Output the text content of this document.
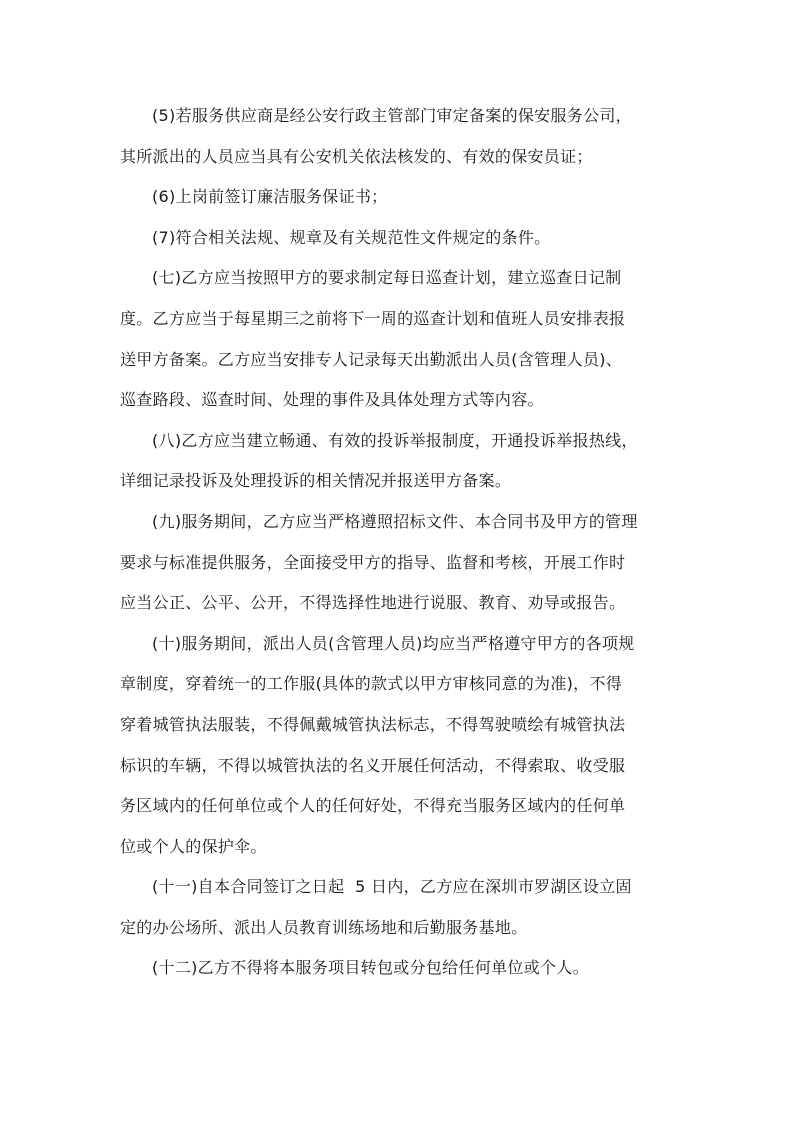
(5)若服务供应商是经公安行政主管部门审定备案的保安服务公司，
其所派出的人员应当具有公安机关依法核发的、有效的保安员证；

(6)上岗前签订廉洁服务保证书；

(7)符合相关法规、规章及有关规范性文件规定的条件。

(七)乙方应当按照甲方的要求制定每日巡查计划，建立巡查日记制
度。乙方应当于每星期三之前将下一周的巡查计划和值班人员安排表报
送甲方备案。乙方应当安排专人记录每天出勤派出人员(含管理人员)、
巡查路段、巡查时间、处理的事件及具体处理方式等内容。

(八)乙方应当建立畅通、有效的投诉举报制度，开通投诉举报热线，
详细记录投诉及处理投诉的相关情况并报送甲方备案。

(九)服务期间，乙方应当严格遵照招标文件、本合同书及甲方的管理
要求与标准提供服务，全面接受甲方的指导、监督和考核，开展工作时
应当公正、公平、公开，不得选择性地进行说服、教育、劝导或报告。

(十)服务期间，派出人员(含管理人员)均应当严格遵守甲方的各项规
章制度，穿着统一的工作服(具体的款式以甲方审核同意的为准)，不得
穿着城管执法服装，不得佩戴城管执法标志，不得驾驶喷绘有城管执法
标识的车辆，不得以城管执法的名义开展任何活动，不得索取、收受服
务区域内的任何单位或个人的任何好处，不得充当服务区域内的任何单
位或个人的保护伞。

(十一)自本合同签订之日起  5 日内，乙方应在深圳市罗湖区设立固
定的办公场所、派出人员教育训练场地和后勤服务基地。

(十二)乙方不得将本服务项目转包或分包给任何单位或个人。
